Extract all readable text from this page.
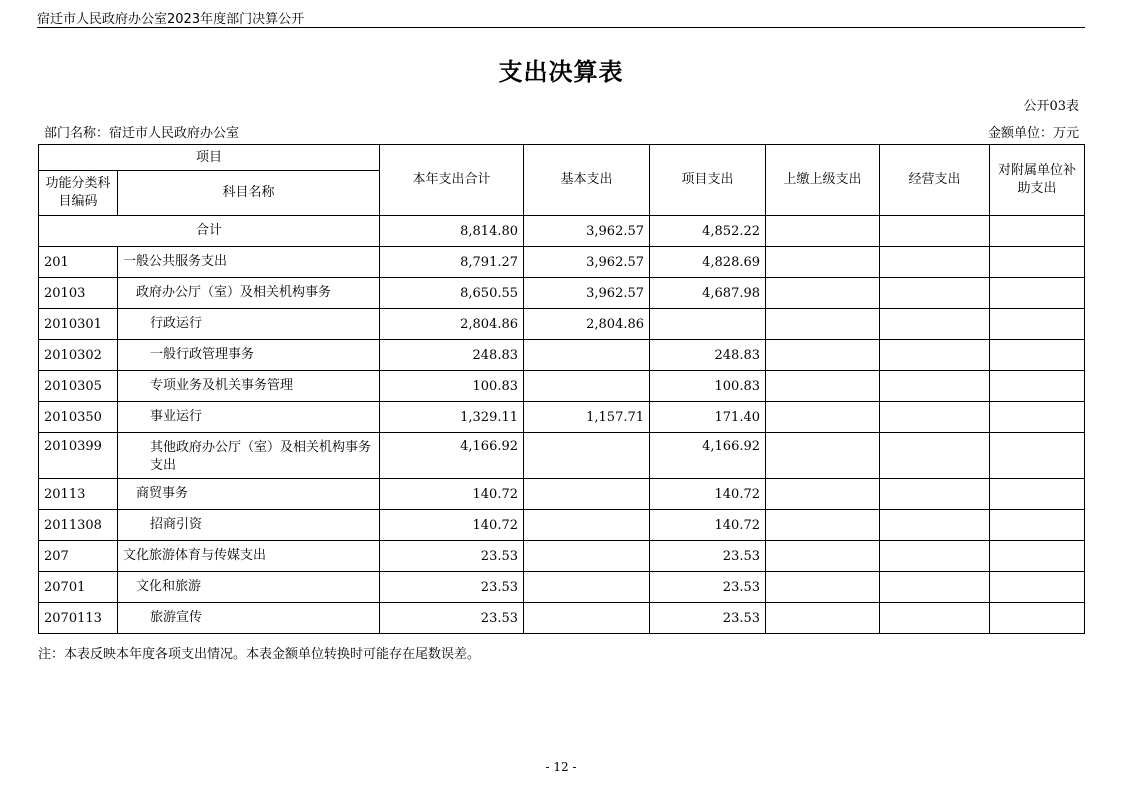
宿迁市人民政府办公室2023年度部门决算公开
支出决算表
公开03表
部门名称：宿迁市人民政府办公室	金额单位：万元
项目		本年支出合计	基本支出	项目支出	上缴上级支出	经营支出	对附属单位补助支出
功能分类科目编码	科目名称						
合计		8,814.80	3,962.57	4,852.22			
201	一般公共服务支出	8,791.27	3,962.57	4,828.69			
20103	政府办公厅（室）及相关机构事务	8,650.55	3,962.57	4,687.98			
2010301	行政运行	2,804.86	2,804.86				
2010302	一般行政管理事务	248.83		248.83			
2010305	专项业务及机关事务管理	100.83		100.83			
2010350	事业运行	1,329.11	1,157.71	171.40			
2010399	其他政府办公厅（室）及相关机构事务支出	4,166.92		4,166.92			
20113	商贸事务	140.72		140.72			
2011308	招商引资	140.72		140.72			
207	文化旅游体育与传媒支出	23.53		23.53			
20701	文化和旅游	23.53		23.53			
2070113	旅游宣传	23.53		23.53			
注：本表反映本年度各项支出情况。本表金额单位转换时可能存在尾数误差。
- 12 -
